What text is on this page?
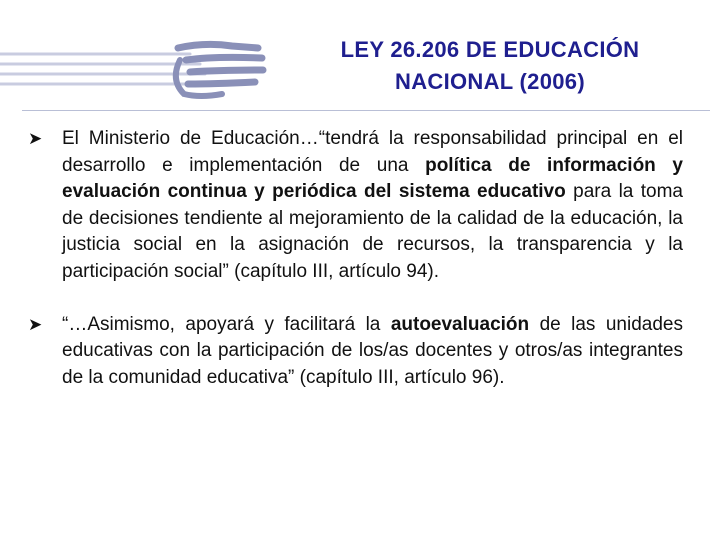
LEY 26.206 DE EDUCACIÓN
NACIONAL (2006)
➤	El Ministerio de Educación…“tendrá la responsabilidad principal en el desarrollo e implementación de una política de información y evaluación continua y periódica del sistema educativo para la toma de decisiones tendiente al mejoramiento de la calidad de la educación, la justicia social en la asignación de recursos, la transparencia y la participación social” (capítulo III, artículo 94).
➤	“…Asimismo, apoyará y facilitará la autoevaluación de las unidades educativas con la participación de los/as docentes y otros/as integrantes de la comunidad educativa” (capítulo III, artículo 96).
